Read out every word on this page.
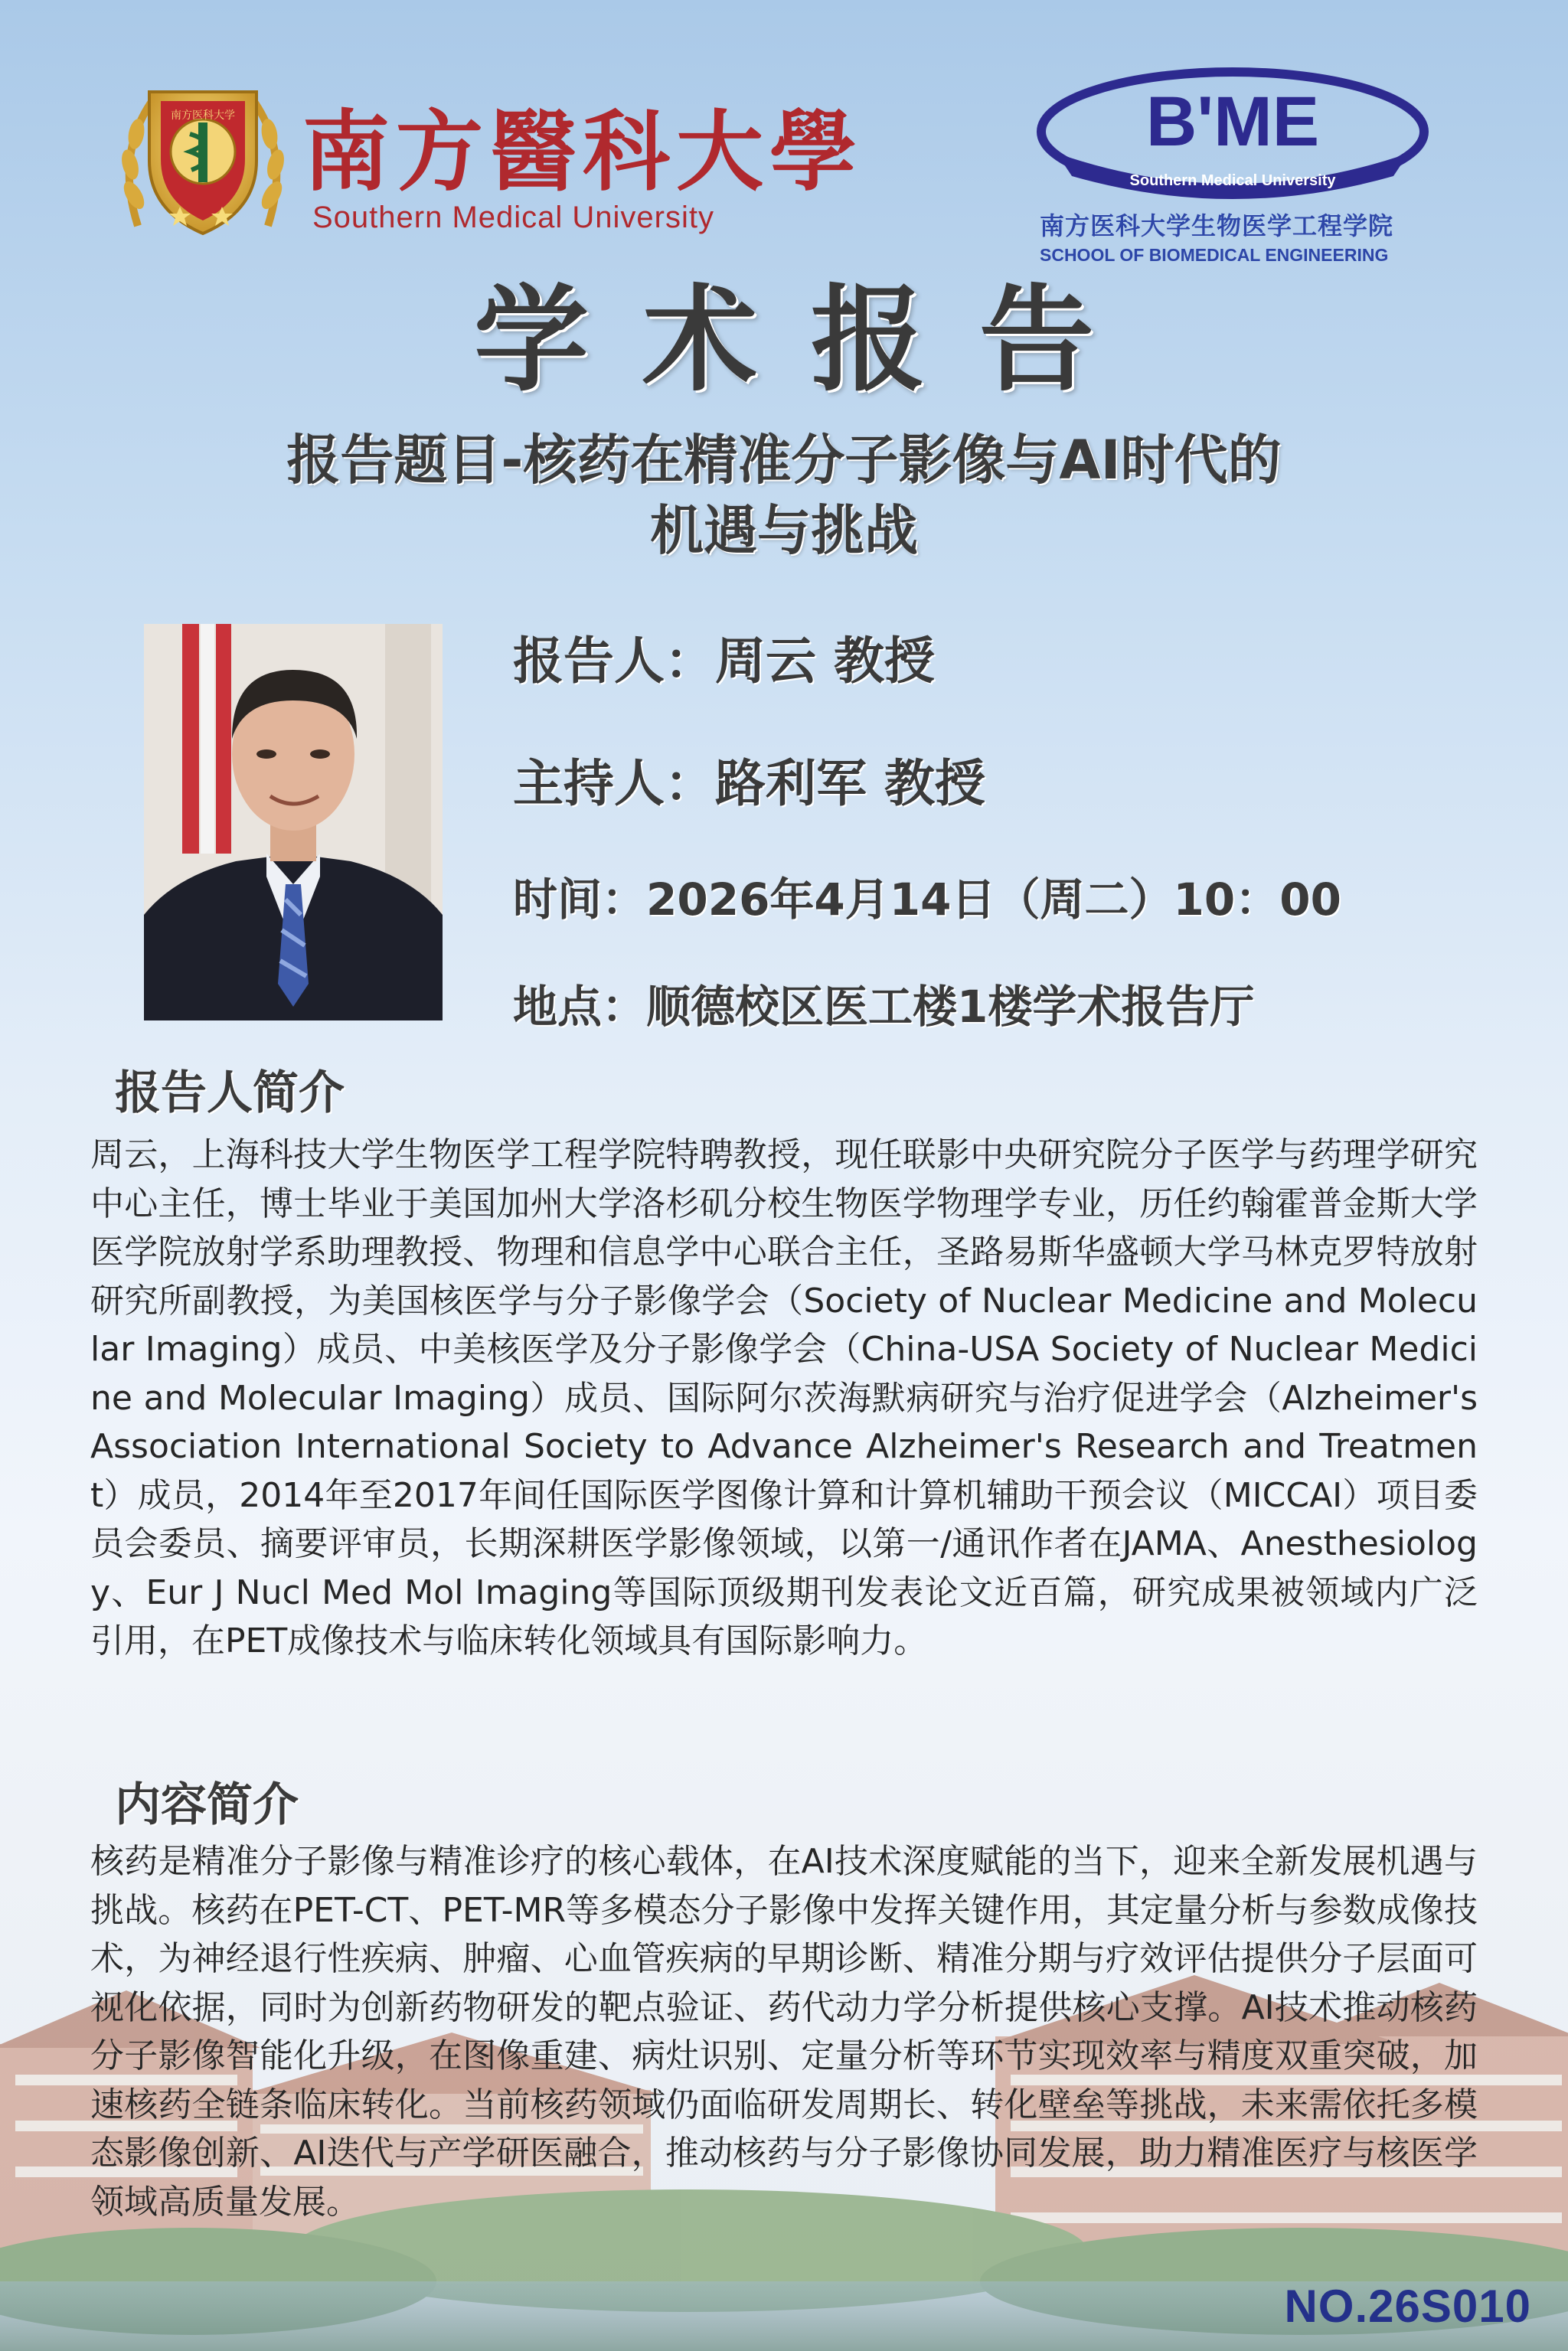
南方医科大学 南方醫科大學
Southern Medical University
B'ME
Southern Medical University
南方医科大学生物医学工程学院
SCHOOL OF BIOMEDICAL ENGINEERING
学术报告
报告题目-核药在精准分子影像与AI时代的
机遇与挑战
报告人：周云 教授
主持人：路利军 教授
时间：2026年4月14日（周二）10：00
地点：顺德校区医工楼1楼学术报告厅
报告人简介
周云，上海科技大学生物医学工程学院特聘教授，现任联影中央研究院分子医学与药理学研究中心主任，博士毕业于美国加州大学洛杉矶分校生物医学物理学专业，历任约翰霍普金斯大学医学院放射学系助理教授、物理和信息学中心联合主任，圣路易斯华盛顿大学马林克罗特放射研究所副教授，为美国核医学与分子影像学会（Society of Nuclear Medicine and Molecular Imaging）成员、中美核医学及分子影像学会（China-USA Society of Nuclear Medicine and Molecular Imaging）成员、国际阿尔茨海默病研究与治疗促进学会（Alzheimer's Association International Society to Advance Alzheimer's Research and Treatment）成员，2014年至2017年间任国际医学图像计算和计算机辅助干预会议（MICCAI）项目委员会委员、摘要评审员，长期深耕医学影像领域，以第一/通讯作者在JAMA、Anesthesiology、Eur J Nucl Med Mol Imaging等国际顶级期刊发表论文近百篇，研究成果被领域内广泛引用，在PET成像技术与临床转化领域具有国际影响力。
内容简介
核药是精准分子影像与精准诊疗的核心载体，在AI技术深度赋能的当下，迎来全新发展机遇与挑战。核药在PET-CT、PET-MR等多模态分子影像中发挥关键作用，其定量分析与参数成像技术，为神经退行性疾病、肿瘤、心血管疾病的早期诊断、精准分期与疗效评估提供分子层面可视化依据，同时为创新药物研发的靶点验证、药代动力学分析提供核心支撑。AI技术推动核药分子影像智能化升级，在图像重建、病灶识别、定量分析等环节实现效率与精度双重突破，加速核药全链条临床转化。当前核药领域仍面临研发周期长、转化壁垒等挑战，未来需依托多模态影像创新、AI迭代与产学研医融合，推动核药与分子影像协同发展，助力精准医疗与核医学领域高质量发展。
NO.26S010
